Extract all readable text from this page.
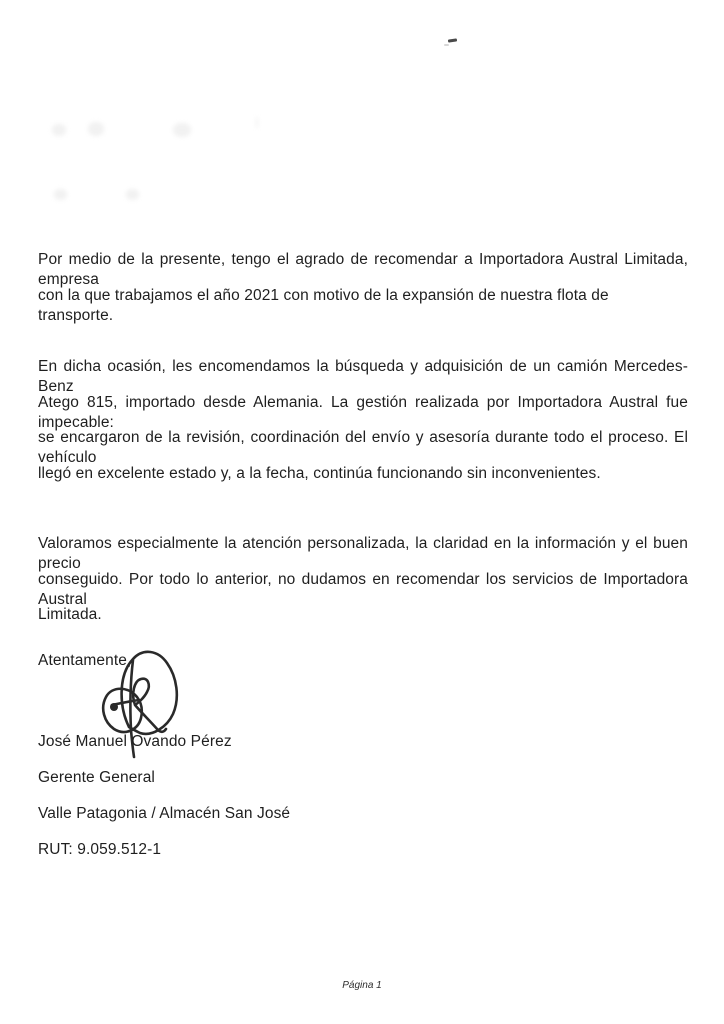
Por medio de la presente, tengo el agrado de recomendar a Importadora Austral Limitada, empresa
con la que trabajamos el año 2021 con motivo de la expansión de nuestra flota de transporte.
En dicha ocasión, les encomendamos la búsqueda y adquisición de un camión Mercedes-Benz
Atego 815, importado desde Alemania. La gestión realizada por Importadora Austral fue impecable:
se encargaron de la revisión, coordinación del envío y asesoría durante todo el proceso. El vehículo
llegó en excelente estado y, a la fecha, continúa funcionando sin inconvenientes.
Valoramos especialmente la atención personalizada, la claridad en la información y el buen precio
conseguido. Por todo lo anterior, no dudamos en recomendar los servicios de Importadora Austral
Limitada.
Atentamente,
José Manuel Ovando Pérez
Gerente General
Valle Patagonia / Almacén San José
RUT: 9.059.512-1
Página 1
